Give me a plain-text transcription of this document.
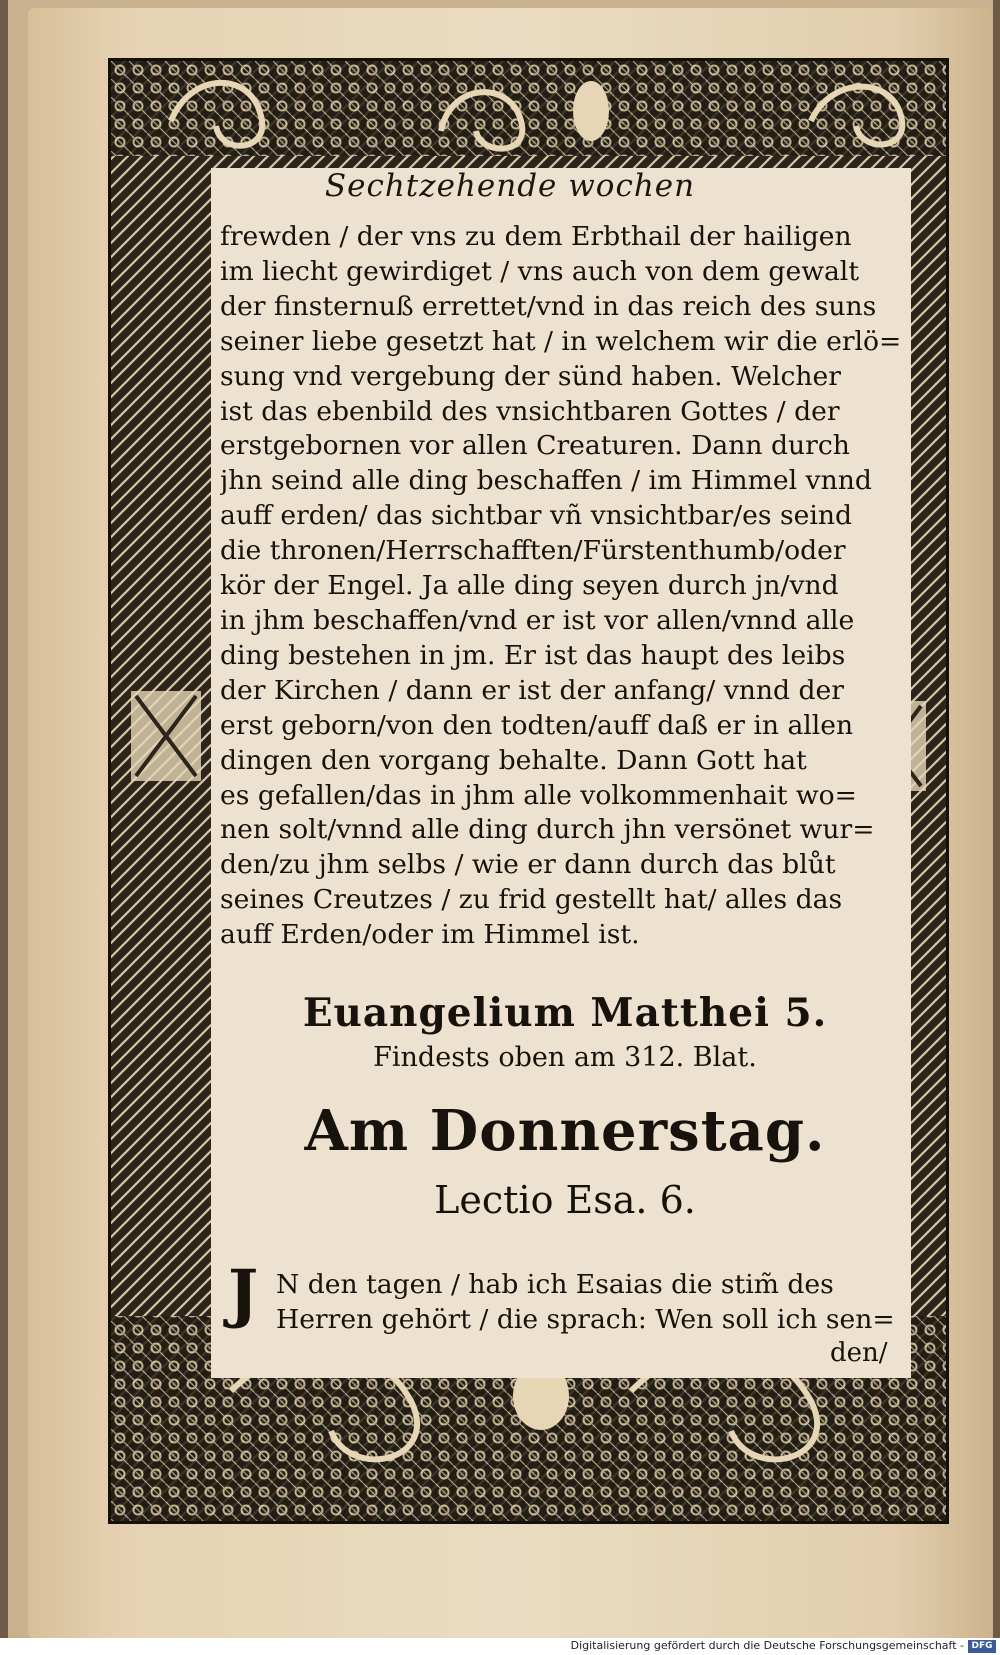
Sechtzehende wochen
frewden / der vns zu dem Erbthail der hailigen
im liecht gewirdiget / vns auch von dem gewalt
der finsternuß errettet/vnd in das reich des suns
seiner liebe gesetzt hat / in welchem wir die erlö=
sung vnd vergebung der sünd haben. Welcher
ist das ebenbild des vnsichtbaren Gottes / der
erstgebornen vor allen Creaturen. Dann durch
jhn seind alle ding beschaffen / im Himmel vnnd
auff erden/ das sichtbar vñ vnsichtbar/es seind
die thronen/Herrschafften/Fürstenthumb/oder
kör der Engel. Ja alle ding seyen durch jn/vnd
in jhm beschaffen/vnd er ist vor allen/vnnd alle
ding bestehen in jm. Er ist das haupt des leibs
der Kirchen / dann er ist der anfang/ vnnd der
erst geborn/von den todten/auff daß er in allen
dingen den vorgang behalte. Dann Gott hat
es gefallen/das in jhm alle volkommenhait wo=
nen solt/vnnd alle ding durch jhn versönet wur=
den/zu jhm selbs / wie er dann durch das blůt
seines Creutzes / zu frid gestellt hat/ alles das
auff Erden/oder im Himmel ist.
Euangelium Matthei 5.
Findests oben am 312. Blat.
Am Donnerstag.
Lectio Esa. 6.
J N den tagen / hab ich Esaias die stim̃ des
Herren gehört / die sprach: Wen soll ich sen=
den/
Digitalisierung gefördert durch die Deutsche Forschungsgemeinschaft - DFG
